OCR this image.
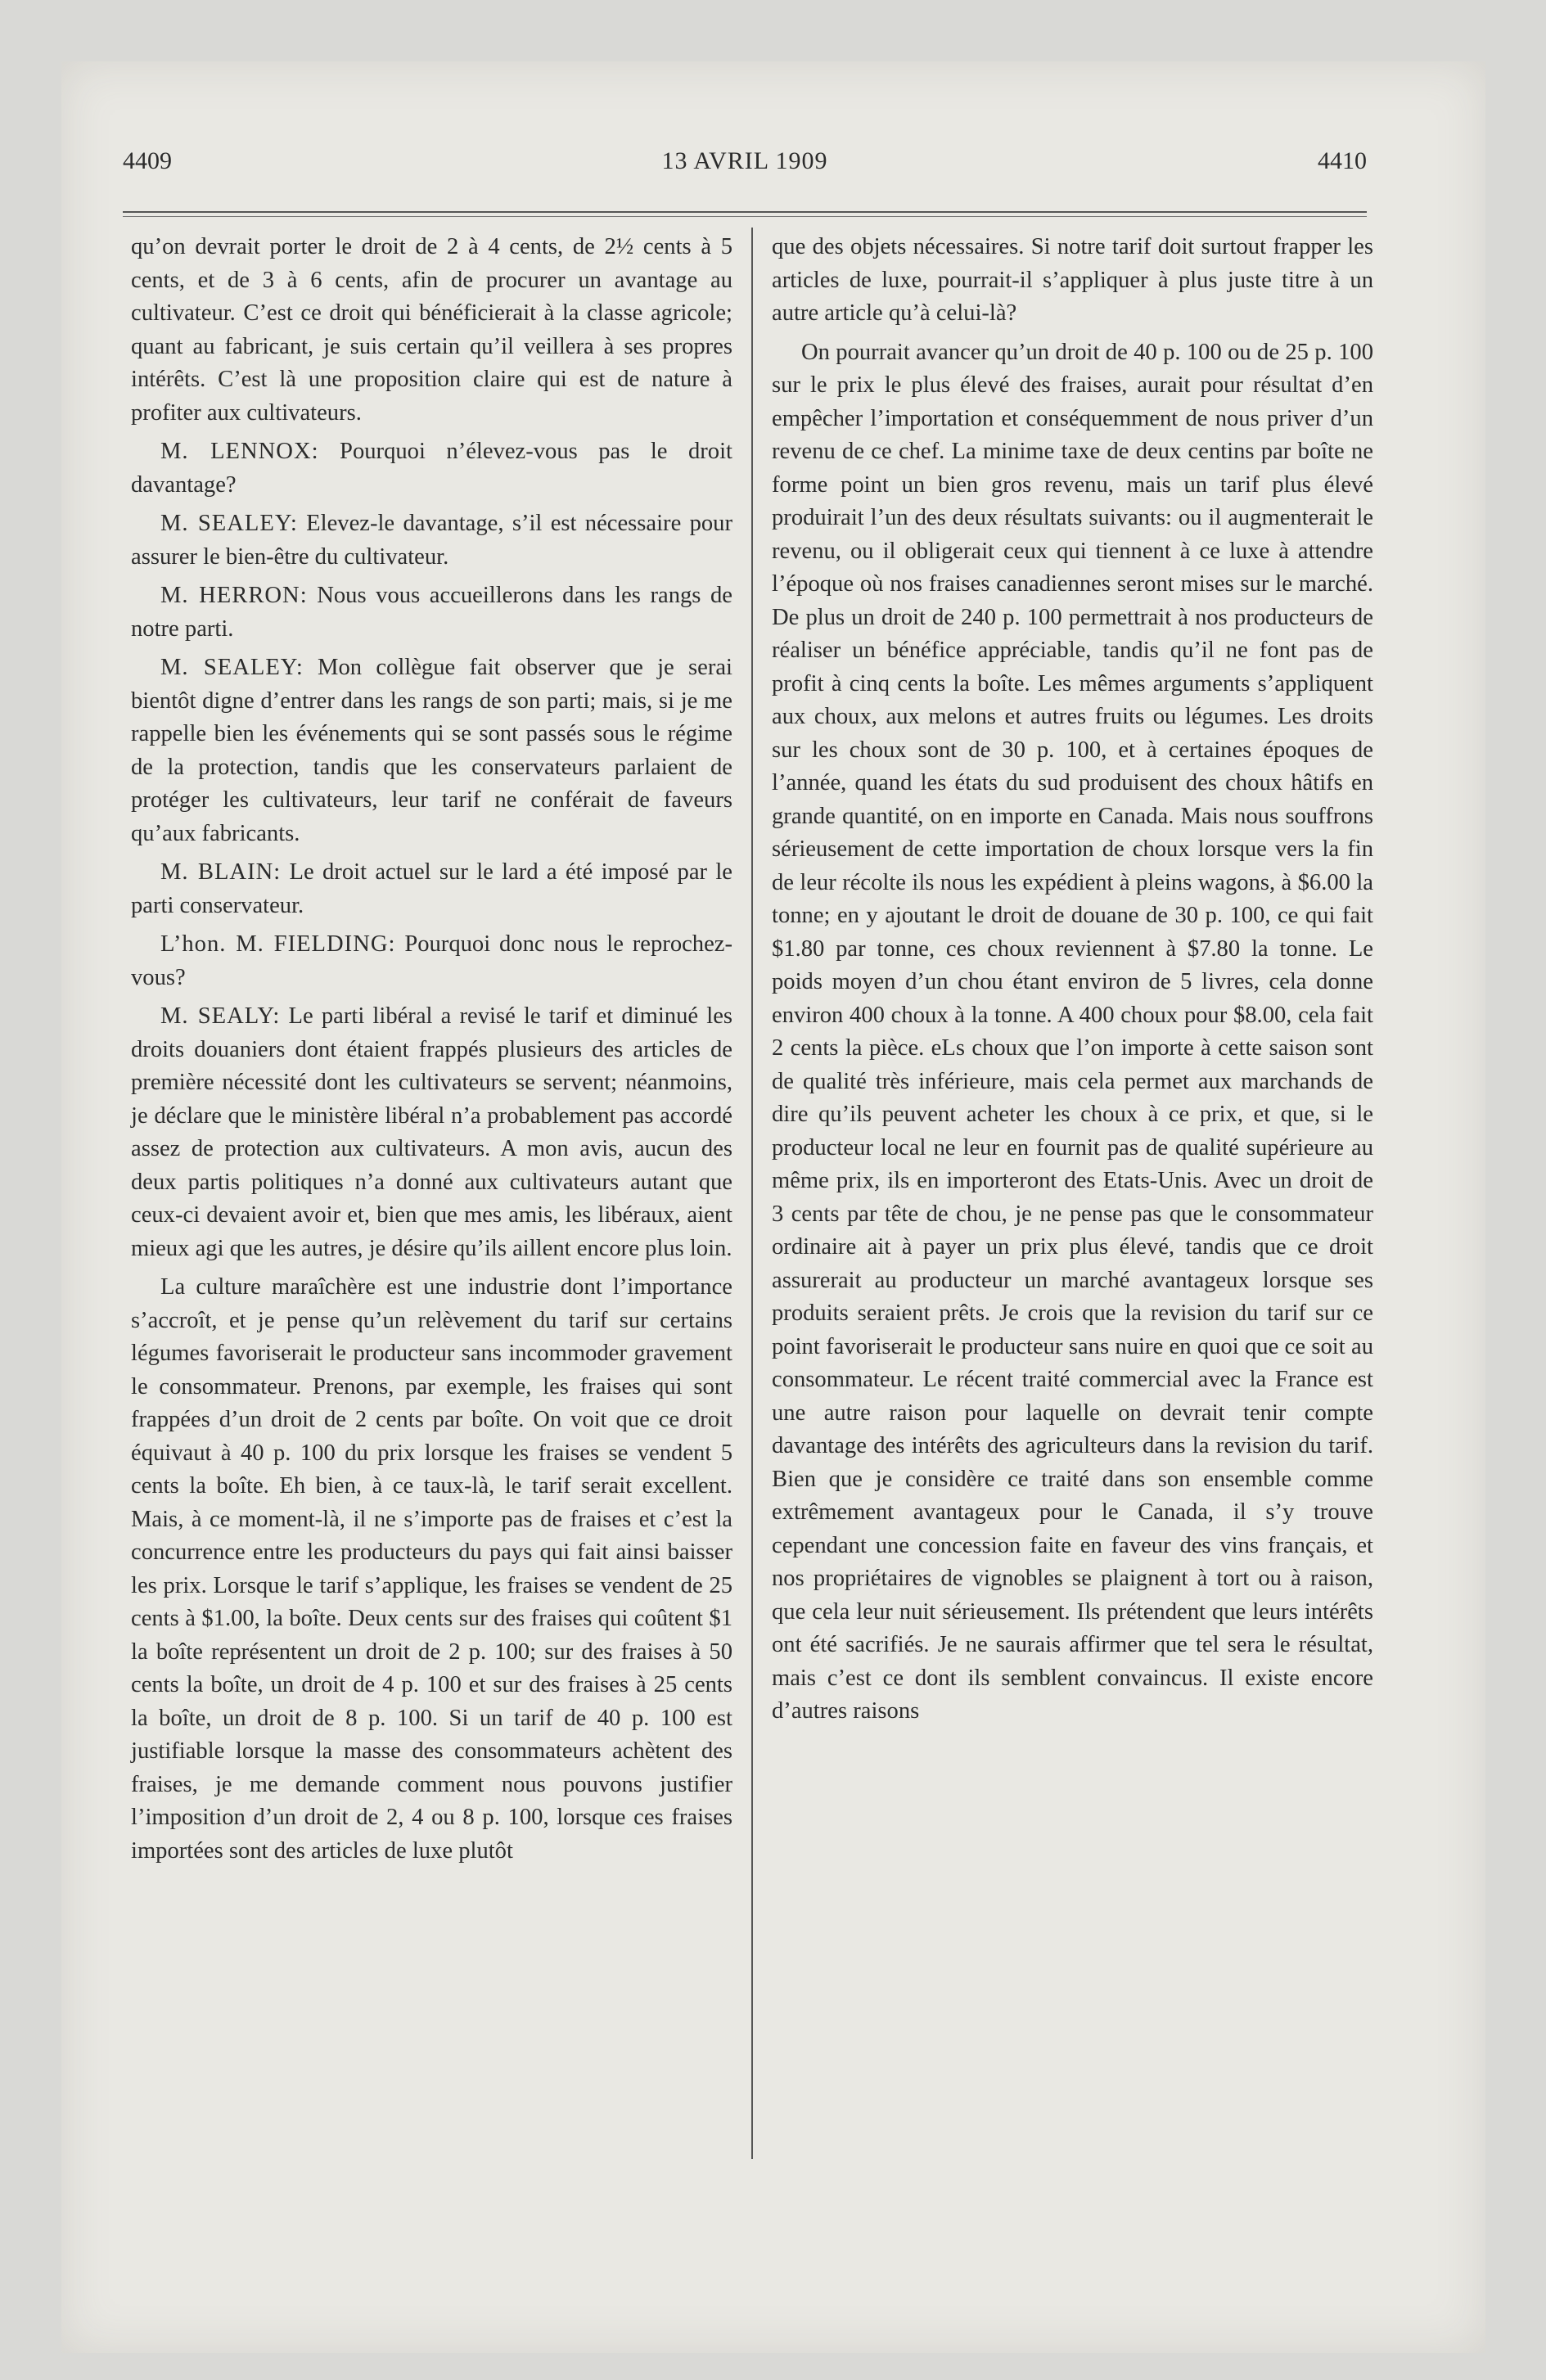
4409	13 AVRIL 1909	4410

qu’on devrait porter le droit de 2 à 4 cents, de 2½ cents à 5 cents, et de 3 à 6 cents, afin de procurer un avantage au cultivateur. C’est ce droit qui bénéficierait à la classe agricole; quant au fabricant, je suis certain qu’il veillera à ses propres intérêts. C’est là une proposition claire qui est de nature à profiter aux cultivateurs.

M. LENNOX: Pourquoi n’élevez-vous pas le droit davantage?

M. SEALEY: Elevez-le davantage, s’il est nécessaire pour assurer le bien-être du cultivateur.

M. HERRON: Nous vous accueillerons dans les rangs de notre parti.

M. SEALEY: Mon collègue fait observer que je serai bientôt digne d’entrer dans les rangs de son parti; mais, si je me rappelle bien les événements qui se sont passés sous le régime de la protection, tandis que les conservateurs parlaient de protéger les cultivateurs, leur tarif ne conférait de faveurs qu’aux fabricants.

M. BLAIN: Le droit actuel sur le lard a été imposé par le parti conservateur.

L’hon. M. FIELDING: Pourquoi donc nous le reprochez-vous?

M. SEALY: Le parti libéral a revisé le tarif et diminué les droits douaniers dont étaient frappés plusieurs des articles de première nécessité dont les cultivateurs se servent; néanmoins, je déclare que le ministère libéral n’a probablement pas accordé assez de protection aux cultivateurs. A mon avis, aucun des deux partis politiques n’a donné aux cultivateurs autant que ceux-ci devaient avoir et, bien que mes amis, les libéraux, aient mieux agi que les autres, je désire qu’ils aillent encore plus loin.

La culture maraîchère est une industrie dont l’importance s’accroît, et je pense qu’un relèvement du tarif sur certains légumes favoriserait le producteur sans incommoder gravement le consommateur. Prenons, par exemple, les fraises qui sont frappées d’un droit de 2 cents par boîte. On voit que ce droit équivaut à 40 p. 100 du prix lorsque les fraises se vendent 5 cents la boîte. Eh bien, à ce taux-là, le tarif serait excellent. Mais, à ce moment-là, il ne s’importe pas de fraises et c’est la concurrence entre les producteurs du pays qui fait ainsi baisser les prix. Lorsque le tarif s’applique, les fraises se vendent de 25 cents à $1.00, la boîte. Deux cents sur des fraises qui coûtent $1 la boîte représentent un droit de 2 p. 100; sur des fraises à 50 cents la boîte, un droit de 4 p. 100 et sur des fraises à 25 cents la boîte, un droit de 8 p. 100. Si un tarif de 40 p. 100 est justifiable lorsque la masse des consommateurs achètent des fraises, je me demande comment nous pouvons justifier l’imposition d’un droit de 2, 4 ou 8 p. 100, lorsque ces fraises importées sont des articles de luxe plutôt

que des objets nécessaires. Si notre tarif doit surtout frapper les articles de luxe, pourrait-il s’appliquer à plus juste titre à un autre article qu’à celui-là?

On pourrait avancer qu’un droit de 40 p. 100 ou de 25 p. 100 sur le prix le plus élevé des fraises, aurait pour résultat d’en empêcher l’importation et conséquemment de nous priver d’un revenu de ce chef. La minime taxe de deux centins par boîte ne forme point un bien gros revenu, mais un tarif plus élevé produirait l’un des deux résultats suivants: ou il augmenterait le revenu, ou il obligerait ceux qui tiennent à ce luxe à attendre l’époque où nos fraises canadiennes seront mises sur le marché. De plus un droit de 240 p. 100 permettrait à nos producteurs de réaliser un bénéfice appréciable, tandis qu’il ne font pas de profit à cinq cents la boîte. Les mêmes arguments s’appliquent aux choux, aux melons et autres fruits ou légumes. Les droits sur les choux sont de 30 p. 100, et à certaines époques de l’année, quand les états du sud produisent des choux hâtifs en grande quantité, on en importe en Canada. Mais nous souffrons sérieusement de cette importation de choux lorsque vers la fin de leur récolte ils nous les expédient à pleins wagons, à $6.00 la tonne; en y ajoutant le droit de douane de 30 p. 100, ce qui fait $1.80 par tonne, ces choux reviennent à $7.80 la tonne. Le poids moyen d’un chou étant environ de 5 livres, cela donne environ 400 choux à la tonne. A 400 choux pour $8.00, cela fait 2 cents la pièce. eLs choux que l’on importe à cette saison sont de qualité très inférieure, mais cela permet aux marchands de dire qu’ils peuvent acheter les choux à ce prix, et que, si le producteur local ne leur en fournit pas de qualité supérieure au même prix, ils en importeront des Etats-Unis. Avec un droit de 3 cents par tête de chou, je ne pense pas que le consommateur ordinaire ait à payer un prix plus élevé, tandis que ce droit assurerait au producteur un marché avantageux lorsque ses produits seraient prêts. Je crois que la revision du tarif sur ce point favoriserait le producteur sans nuire en quoi que ce soit au consommateur. Le récent traité commercial avec la France est une autre raison pour laquelle on devrait tenir compte davantage des intérêts des agriculteurs dans la revision du tarif. Bien que je considère ce traité dans son ensemble comme extrêmement avantageux pour le Canada, il s’y trouve cependant une concession faite en faveur des vins français, et nos propriétaires de vignobles se plaignent à tort ou à raison, que cela leur nuit sérieusement. Ils prétendent que leurs intérêts ont été sacrifiés. Je ne saurais affirmer que tel sera le résultat, mais c’est ce dont ils semblent convaincus. Il existe encore d’autres raisons
